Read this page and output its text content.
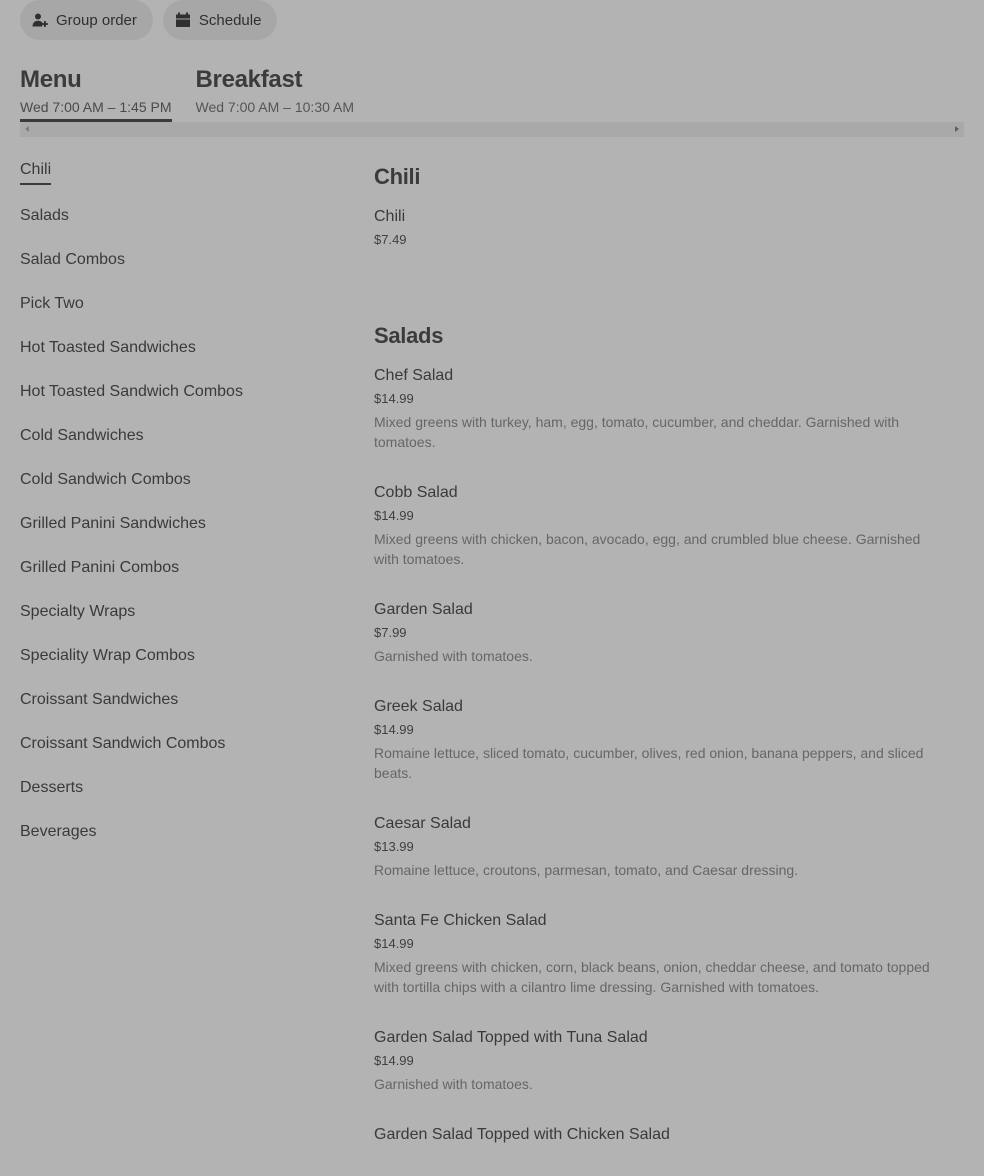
Group order	Schedule
Menu
Wed 7:00 AM – 1:45 PM
Breakfast
Wed 7:00 AM – 10:30 AM
Chili
Salads
Salad Combos
Pick Two
Hot Toasted Sandwiches
Hot Toasted Sandwich Combos
Cold Sandwiches
Cold Sandwich Combos
Grilled Panini Sandwiches
Grilled Panini Combos
Specialty Wraps
Speciality Wrap Combos
Croissant Sandwiches
Croissant Sandwich Combos
Desserts
Beverages
Chili
Chili
$7.49
Salads
Chef Salad
$14.99
Mixed greens with turkey, ham, egg, tomato, cucumber, and cheddar. Garnished with tomatoes.
Cobb Salad
$14.99
Mixed greens with chicken, bacon, avocado, egg, and crumbled blue cheese. Garnished with tomatoes.
Garden Salad
$7.99
Garnished with tomatoes.
Greek Salad
$14.99
Romaine lettuce, sliced tomato, cucumber, olives, red onion, banana peppers, and sliced beats.
Caesar Salad
$13.99
Romaine lettuce, croutons, parmesan, tomato, and Caesar dressing.
Santa Fe Chicken Salad
$14.99
Mixed greens with chicken, corn, black beans, onion, cheddar cheese, and tomato topped with tortilla chips with a cilantro lime dressing. Garnished with tomatoes.
Garden Salad Topped with Tuna Salad
$14.99
Garnished with tomatoes.
Garden Salad Topped with Chicken Salad
